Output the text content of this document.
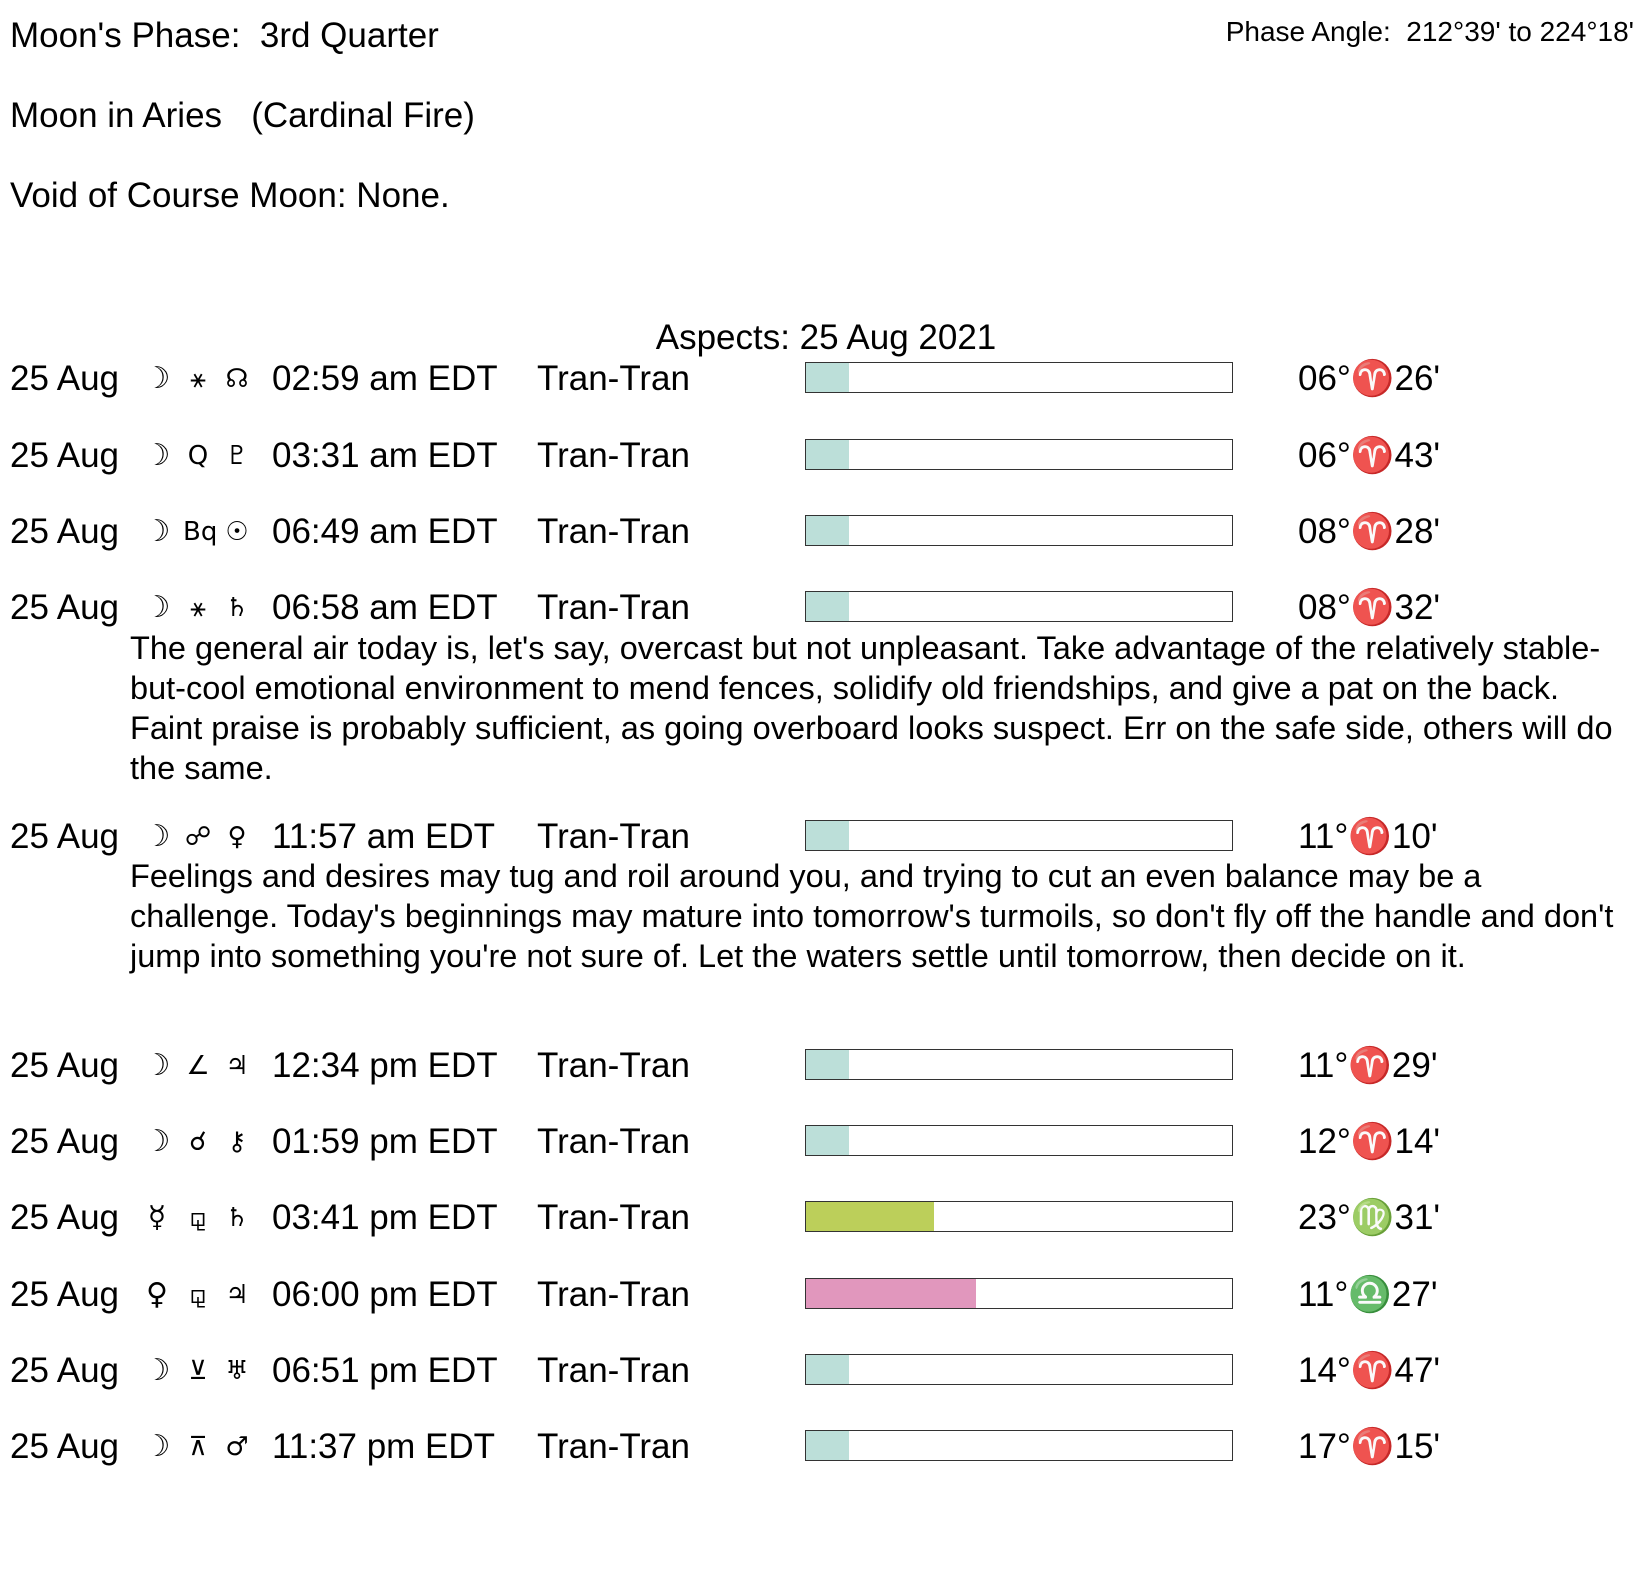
Moon's Phase:  3rd Quarter
Moon in Aries   (Cardinal Fire)
Void of Course Moon: None.
Phase Angle:  212°39' to 224°18'
Aspects: 25 Aug 2021
25 Aug ☽ ⚹ ☊ 02:59 am EDT Tran-Tran	06°♈26'
25 Aug ☽ Q ♇ 03:31 am EDT Tran-Tran	06°♈43'
25 Aug ☽ Bq ☉ 06:49 am EDT Tran-Tran	08°♈28'
25 Aug ☽ ⚹ ♄ 06:58 am EDT Tran-Tran	08°♈32'
The general air today is, let's say, overcast but not unpleasant. Take advantage of the relatively stable-but-cool emotional environment to mend fences, solidify old friendships, and give a pat on the back. Faint praise is probably sufficient, as going overboard looks suspect. Err on the safe side, others will do the same.
25 Aug ☽ ☍ ♀ 11:57 am EDT Tran-Tran	11°♈10'
Feelings and desires may tug and roil around you, and trying to cut an even balance may be a challenge. Today's beginnings may mature into tomorrow's turmoils, so don't fly off the handle and don't jump into something you're not sure of. Let the waters settle until tomorrow, then decide on it.
25 Aug ☽ ∠ ♃ 12:34 pm EDT Tran-Tran	11°♈29'
25 Aug ☽ ☌ ⚷ 01:59 pm EDT Tran-Tran	12°♈14'
25 Aug ☿ ⚼ ♄ 03:41 pm EDT Tran-Tran	23°♍31'
25 Aug ♀ ⚼ ♃ 06:00 pm EDT Tran-Tran	11°♎27'
25 Aug ☽ ⊻ ♅ 06:51 pm EDT Tran-Tran	14°♈47'
25 Aug ☽ ⊼ ♂ 11:37 pm EDT Tran-Tran	17°♈15'
